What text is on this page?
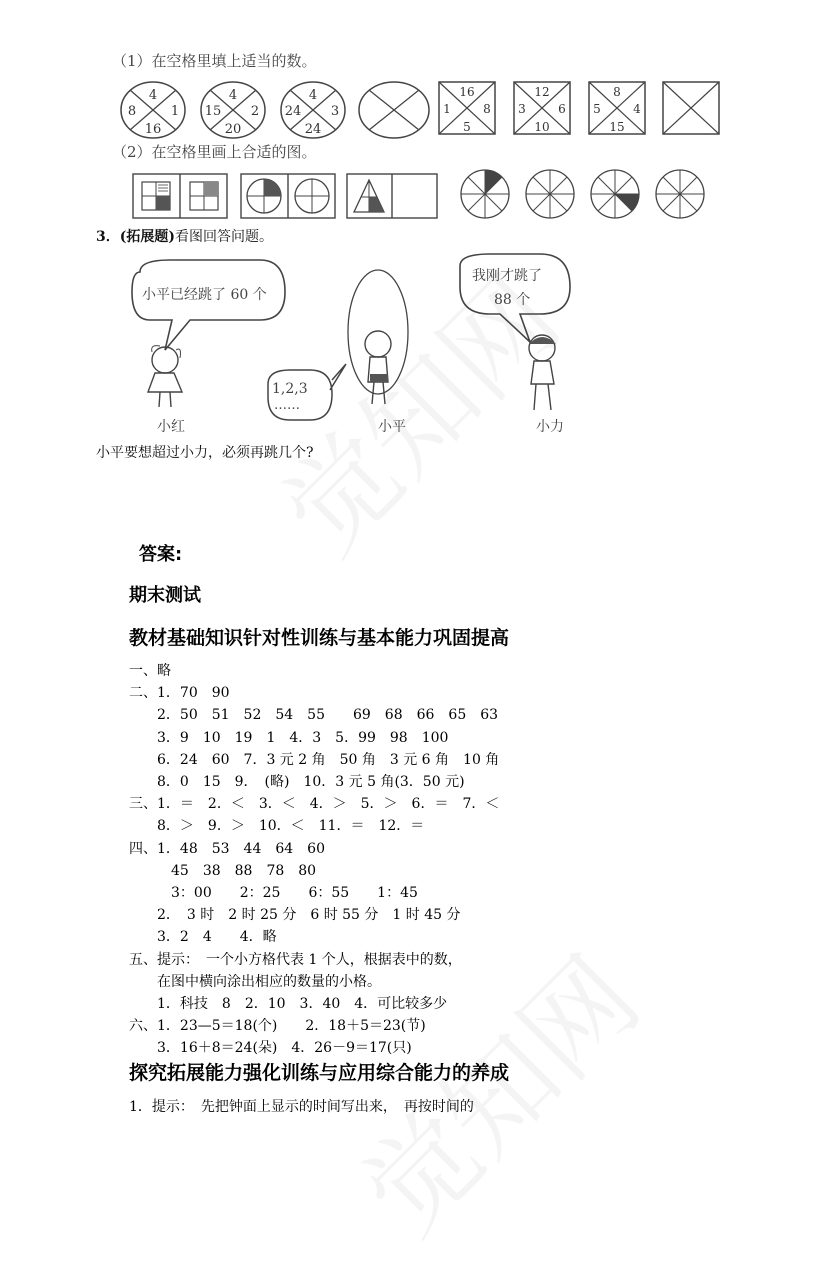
（1）在空格里填上适当的数。
4
8	1
16
4
15 2
20
4
24 3
24
16
1	8
5
12
3	6
10
8
5	4
15
（2）在空格里画上合适的图。
3．(拓展题)看图回答问题。
小平已经跳了 60 个
我刚才跳了
88 个
1,2,3
……
小红	小平	小力
小平要想超过小力，必须再跳几个?
答案:
期末测试
教材基础知识针对性训练与基本能力巩固提高
一、略
二、1．70　90
　　2．50　51　52　54　55　　69　68　66　65　63
　　3．9　10　19　1　4．3　5．99　98　100
　　6．24　60　7．3 元 2 角　50 角　3 元 6 角　10 角
　　8．0　15　9．　(略)　10．3 元 5 角(3．50 元)
三、1．＝　2．＜　3．＜　4．＞　5．＞　6．＝　7．＜
　　8．＞　9．＞　10．＜　11．＝　12．＝
四、1．48　53　44　64　60
　　　45　38　88　78　80
　　　3：00　　2：25　　6：55　　1：45
　　2．　3 时　2 时 25 分　6 时 55 分　1 时 45 分
　　3．2　4　　4．略
五、提示：　一个小方格代表 1 个人，根据表中的数，
　　在图中横向涂出相应的数量的小格。
　　1．科技　8　2．10　3．40　4．可比较多少
六、1．23—5＝18(个)　　2．18＋5＝23(节)
　　3．16＋8＝24(朵)　4．26－9＝17(只)
探究拓展能力强化训练与应用综合能力的养成
1．提示：　先把钟面上显示的时间写出来，　再按时间的
